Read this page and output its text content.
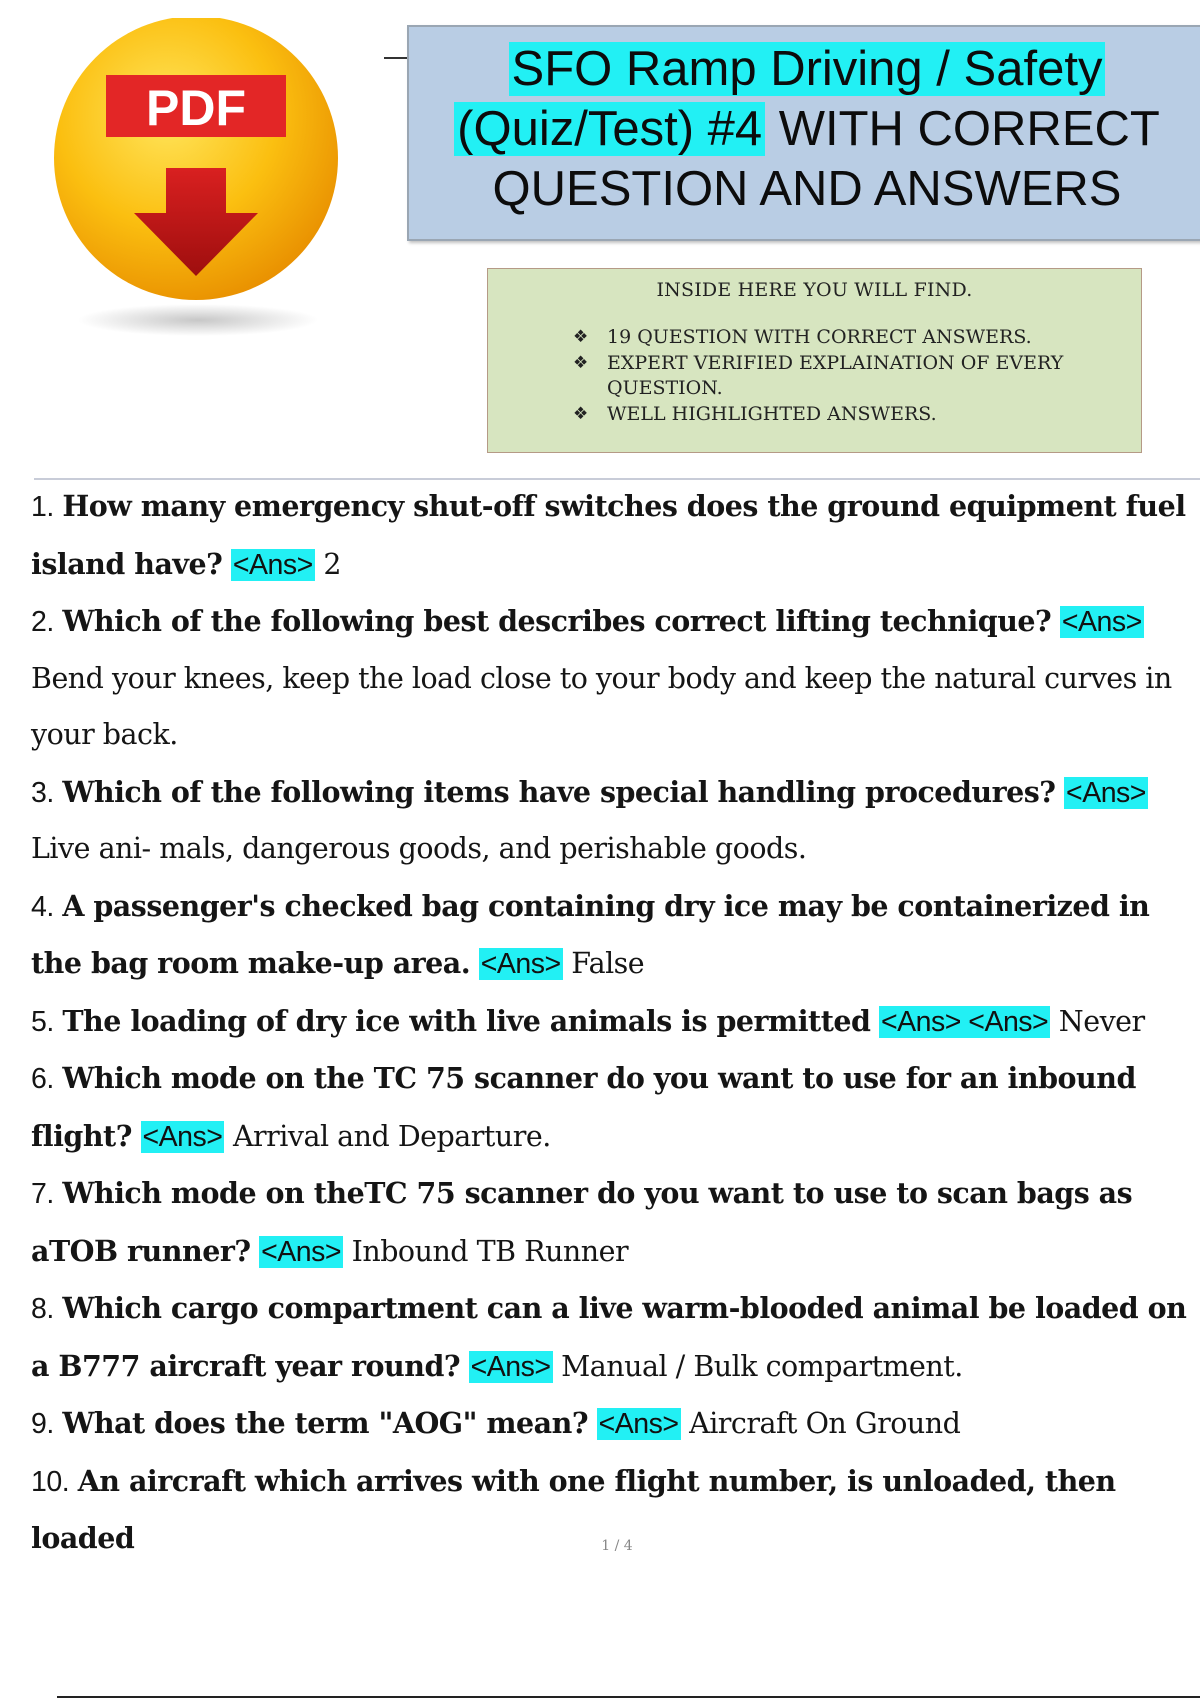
PDF
SFO Ramp Driving / Safety
(Quiz/Test) #4 WITH CORRECT
QUESTION AND ANSWERS
INSIDE HERE YOU WILL FIND.
❖ 19 QUESTION WITH CORRECT ANSWERS.
❖ EXPERT VERIFIED EXPLAINATION OF EVERY QUESTION.
❖ WELL HIGHLIGHTED ANSWERS.

1. How many emergency shut-off switches does the ground equipment fuel island have? <Ans> 2

2. Which of the following best describes correct lifting technique? <Ans> Bend your knees, keep the load close to your body and keep the natural curves in your back.

3. Which of the following items have special handling procedures? <Ans> Live ani- mals, dangerous goods, and perishable goods.

4. A passenger's checked bag containing dry ice may be containerized in the bag room make-up area. <Ans> False

5. The loading of dry ice with live animals is permitted <Ans> <Ans> Never

6. Which mode on the TC 75 scanner do you want to use for an inbound flight? <Ans> Arrival and Departure.

7. Which mode on theTC 75 scanner do you want to use to scan bags as aTOB runner? <Ans> Inbound TB Runner

8. Which cargo compartment can a live warm-blooded animal be loaded on a B777 aircraft year round? <Ans> Manual / Bulk compartment.

9. What does the term "AOG" mean? <Ans> Aircraft On Ground

10. An aircraft which arrives with one flight number, is unloaded, then loaded	1 / 4
